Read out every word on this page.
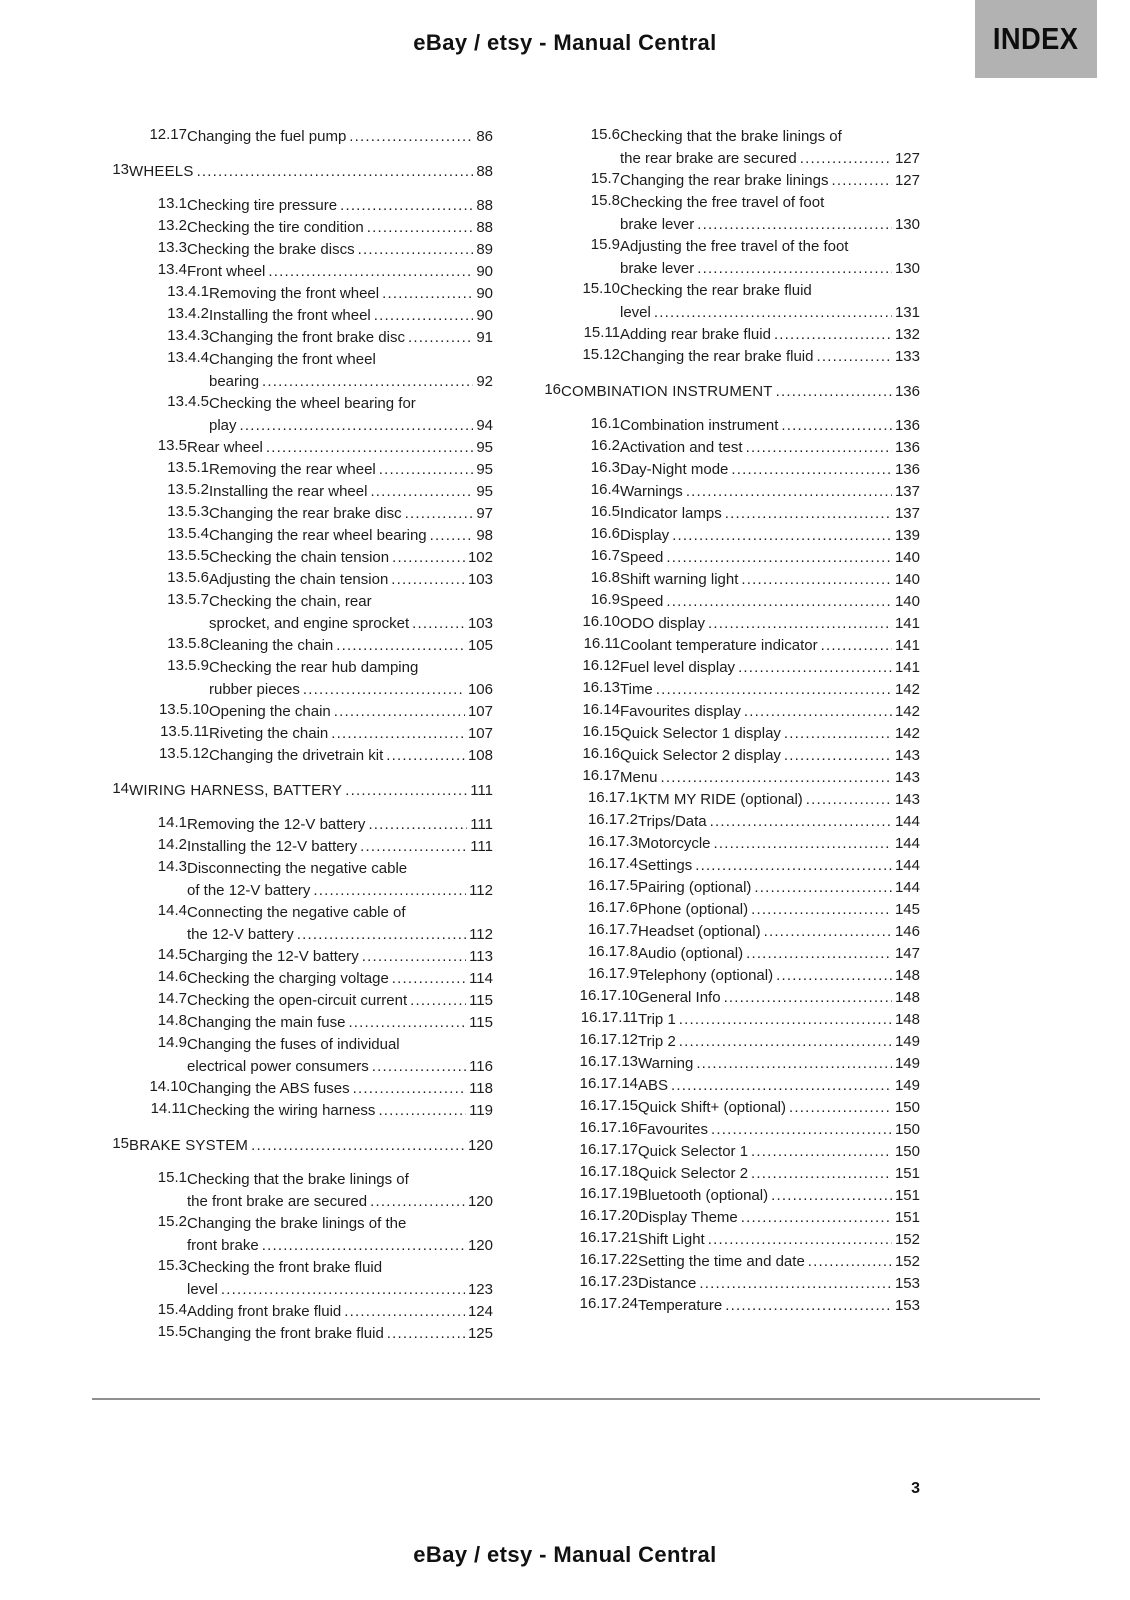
eBay / etsy - Manual Central	INDEX
12.17 Changing the fuel pump .....	86
13 WHEELS .....	88
13.1 Checking tire pressure .....	88
13.2 Checking the tire condition .....	88
13.3 Checking the brake discs .....	89
13.4 Front wheel .....	90
13.4.1 Removing the front wheel .....	90
13.4.2 Installing the front wheel .....	90
13.4.3 Changing the front brake disc .....	91
13.4.4 Changing the front wheel
bearing .....	92
13.4.5 Checking the wheel bearing for
play .....	94
13.5 Rear wheel .....	95
13.5.1 Removing the rear wheel .....	95
13.5.2 Installing the rear wheel .....	95
13.5.3 Changing the rear brake disc .....	97
13.5.4 Changing the rear wheel bearing .....	98
13.5.5 Checking the chain tension .....	102
13.5.6 Adjusting the chain tension .....	103
13.5.7 Checking the chain, rear
sprocket, and engine sprocket .....	103
13.5.8 Cleaning the chain .....	105
13.5.9 Checking the rear hub damping
rubber pieces .....	106
13.5.10 Opening the chain .....	107
13.5.11 Riveting the chain .....	107
13.5.12 Changing the drivetrain kit .....	108
14 WIRING HARNESS, BATTERY .....	111
14.1 Removing the 12-V battery .....	111
14.2 Installing the 12-V battery .....	111
14.3 Disconnecting the negative cable
of the 12-V battery .....	112
14.4 Connecting the negative cable of
the 12-V battery .....	112
14.5 Charging the 12-V battery .....	113
14.6 Checking the charging voltage .....	114
14.7 Checking the open-circuit current .....	115
14.8 Changing the main fuse .....	115
14.9 Changing the fuses of individual
electrical power consumers .....	116
14.10 Changing the ABS fuses .....	118
14.11 Checking the wiring harness .....	119
15 BRAKE SYSTEM .....	120
15.1 Checking that the brake linings of
the front brake are secured .....	120
15.2 Changing the brake linings of the
front brake .....	120
15.3 Checking the front brake fluid
level .....	123
15.4 Adding front brake fluid .....	124
15.5 Changing the front brake fluid .....	125
15.6 Checking that the brake linings of
the rear brake are secured .....	127
15.7 Changing the rear brake linings .....	127
15.8 Checking the free travel of foot
brake lever .....	130
15.9 Adjusting the free travel of the foot
brake lever .....	130
15.10 Checking the rear brake fluid
level .....	131
15.11 Adding rear brake fluid .....	132
15.12 Changing the rear brake fluid .....	133
16 COMBINATION INSTRUMENT .....	136
16.1 Combination instrument .....	136
16.2 Activation and test .....	136
16.3 Day-Night mode .....	136
16.4 Warnings .....	137
16.5 Indicator lamps .....	137
16.6 Display .....	139
16.7 Speed .....	140
16.8 Shift warning light .....	140
16.9 Speed .....	140
16.10 ODO display .....	141
16.11 Coolant temperature indicator .....	141
16.12 Fuel level display .....	141
16.13 Time .....	142
16.14 Favourites display .....	142
16.15 Quick Selector 1 display .....	142
16.16 Quick Selector 2 display .....	143
16.17 Menu .....	143
16.17.1 KTM MY RIDE (optional) .....	143
16.17.2 Trips/Data .....	144
16.17.3 Motorcycle .....	144
16.17.4 Settings .....	144
16.17.5 Pairing (optional) .....	144
16.17.6 Phone (optional) .....	145
16.17.7 Headset (optional) .....	146
16.17.8 Audio (optional) .....	147
16.17.9 Telephony (optional) .....	148
16.17.10 General Info .....	148
16.17.11 Trip 1 .....	148
16.17.12 Trip 2 .....	149
16.17.13 Warning .....	149
16.17.14 ABS .....	149
16.17.15 Quick Shift+ (optional) .....	150
16.17.16 Favourites .....	150
16.17.17 Quick Selector 1 .....	150
16.17.18 Quick Selector 2 .....	151
16.17.19 Bluetooth (optional) .....	151
16.17.20 Display Theme .....	151
16.17.21 Shift Light .....	152
16.17.22 Setting the time and date .....	152
16.17.23 Distance .....	153
16.17.24 Temperature .....	153
3
eBay / etsy - Manual Central
